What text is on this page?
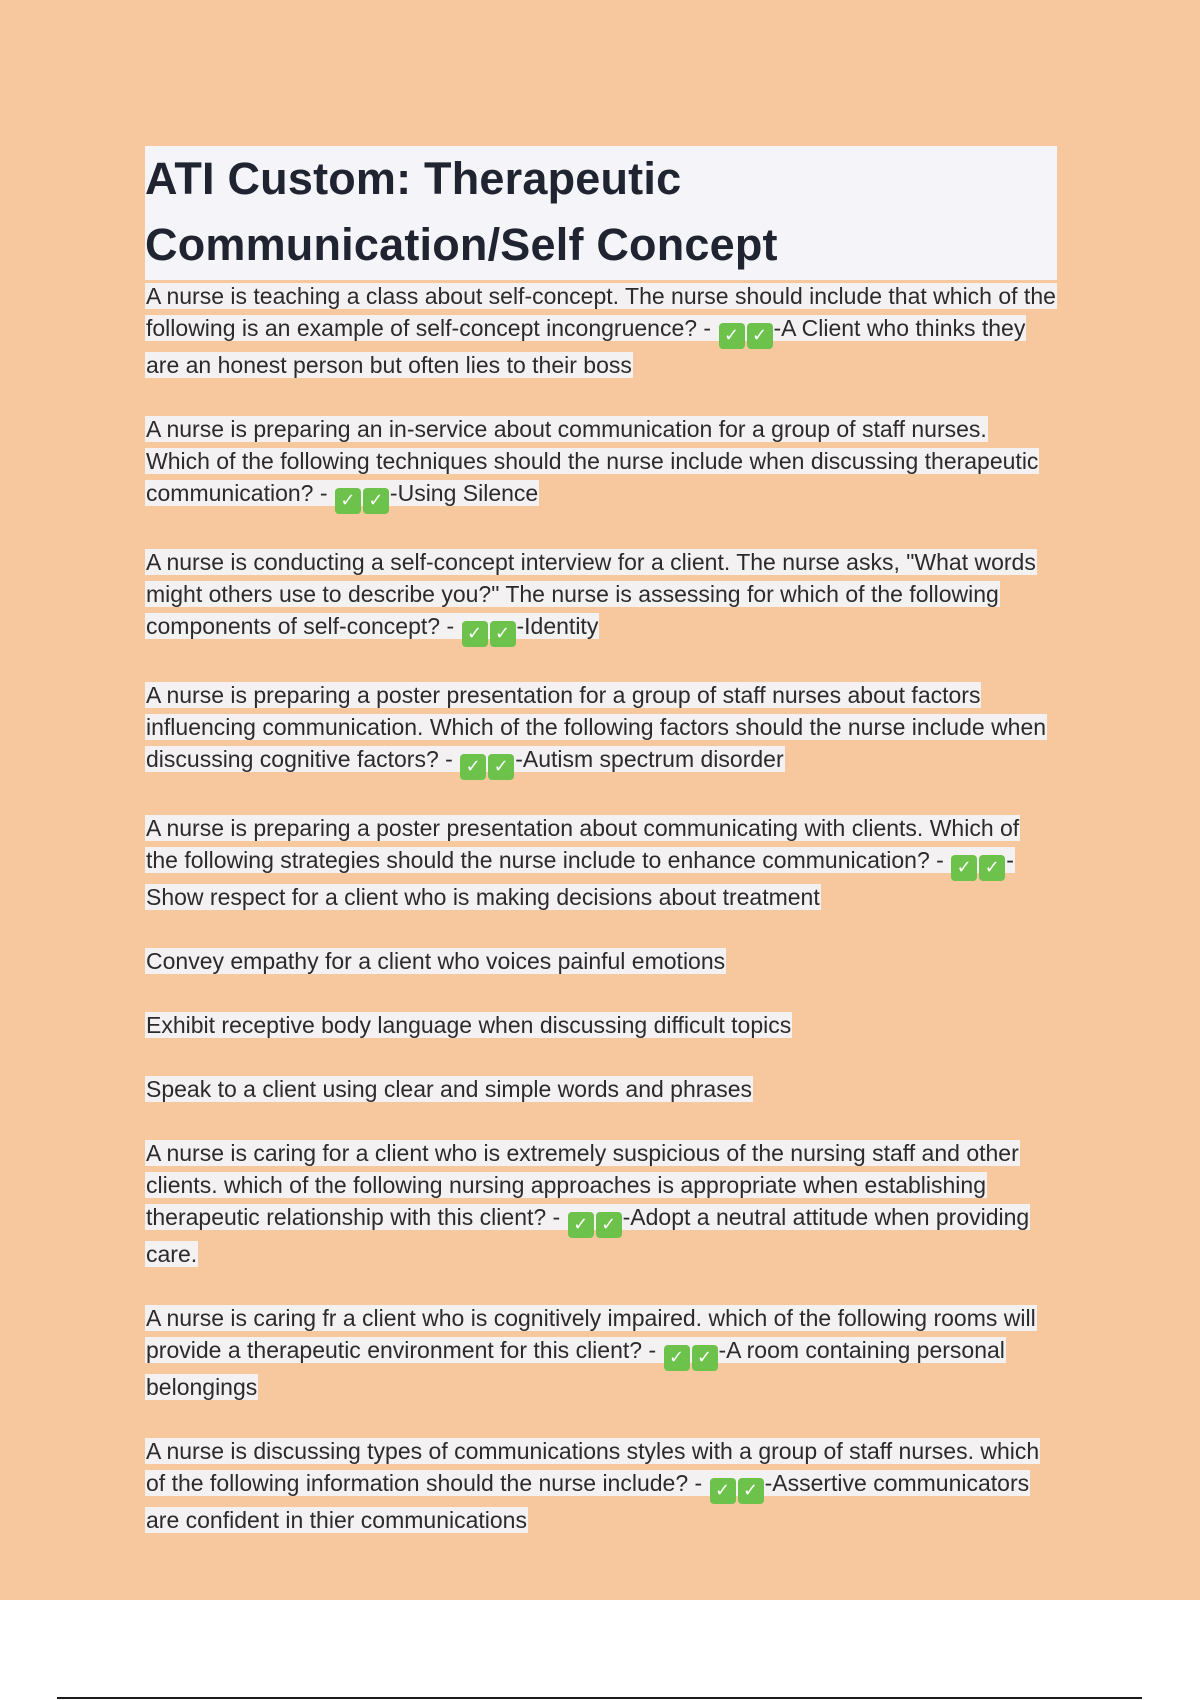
ATI Custom: Therapeutic
Communication/Self Concept

A nurse is teaching a class about self-concept. The nurse should include that which of the following is an example of self-concept incongruence? - ✓ ✓ -A Client who thinks they are an honest person but often lies to their boss

A nurse is preparing an in-service about communication for a group of staff nurses. Which of the following techniques should the nurse include when discussing therapeutic communication? - ✓ ✓ -Using Silence

A nurse is conducting a self-concept interview for a client. The nurse asks, "What words might others use to describe you?" The nurse is assessing for which of the following components of self-concept? - ✓ ✓ -Identity

A nurse is preparing a poster presentation for a group of staff nurses about factors influencing communication. Which of the following factors should the nurse include when discussing cognitive factors? - ✓ ✓ -Autism spectrum disorder

A nurse is preparing a poster presentation about communicating with clients. Which of the following strategies should the nurse include to enhance communication? - ✓ ✓ -Show respect for a client who is making decisions about treatment

Convey empathy for a client who voices painful emotions

Exhibit receptive body language when discussing difficult topics

Speak to a client using clear and simple words and phrases

A nurse is caring for a client who is extremely suspicious of the nursing staff and other clients. which of the following nursing approaches is appropriate when establishing therapeutic relationship with this client? - ✓ ✓ -Adopt a neutral attitude when providing care.

A nurse is caring fr a client who is cognitively impaired. which of the following rooms will provide a therapeutic environment for this client? - ✓ ✓ -A room containing personal belongings

A nurse is discussing types of communications styles with a group of staff nurses. which of the following information should the nurse include? - ✓ ✓ -Assertive communicators are confident in thier communications
